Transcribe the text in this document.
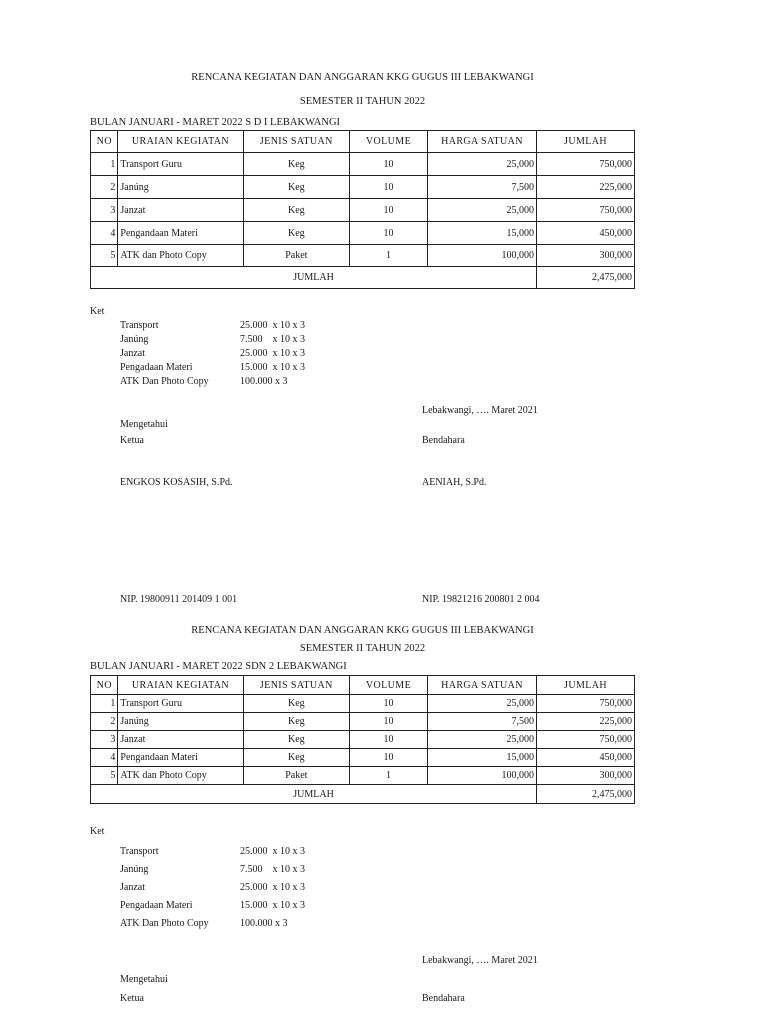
RENCANA KEGIATAN DAN ANGGARAN KKG GUGUS III LEBAKWANGI
SEMESTER II TAHUN 2022
BULAN JANUARI - MARET 2022 S D I LEBAKWANGI
NO	URAIAN KEGIATAN	JENIS SATUAN	VOLUME	HARGA SATUAN	JUMLAH
1	Transport Guru	Keg	10	25,000	750,000
2	Janúng	Keg	10	7,500	225,000
3	Janzat	Keg	10	25,000	750,000
4	Pengandaan Materi	Keg	10	15,000	450,000
5	ATK dan Photo Copy	Paket	1	100,000	300,000
JUMLAH					2,475,000
Ket
Transport	25.000  x 10 x 3
Janúng	7.500    x 10 x 3
Janzat	25.000  x 10 x 3
Pengadaan Materi	15.000  x 10 x 3
ATK Dan Photo Copy	100.000 x 3
Lebakwangi, …. Maret 2021
Mengetahui
Ketua	Bendahara
ENGKOS KOSASIH, S.Pd.	AENIAH, S.Pd.
NIP. 19800911 201409 1 001	NIP. 19821216 200801 2 004
RENCANA KEGIATAN DAN ANGGARAN KKG GUGUS III LEBAKWANGI
SEMESTER II TAHUN 2022
BULAN JANUARI - MARET 2022 SDN 2 LEBAKWANGI
NO	URAIAN KEGIATAN	JENIS SATUAN	VOLUME	HARGA SATUAN	JUMLAH
1	Transport Guru	Keg	10	25,000	750,000
2	Janúng	Keg	10	7,500	225,000
3	Janzat	Keg	10	25,000	750,000
4	Pengandaan Materi	Keg	10	15,000	450,000
5	ATK dan Photo Copy	Paket	1	100,000	300,000
JUMLAH					2,475,000
Ket
Transport	25.000  x 10 x 3
Janúng	7.500    x 10 x 3
Janzat	25.000  x 10 x 3
Pengadaan Materi	15.000  x 10 x 3
ATK Dan Photo Copy	100.000 x 3
Lebakwangi, …. Maret 2021
Mengetahui
Ketua	Bendahara
